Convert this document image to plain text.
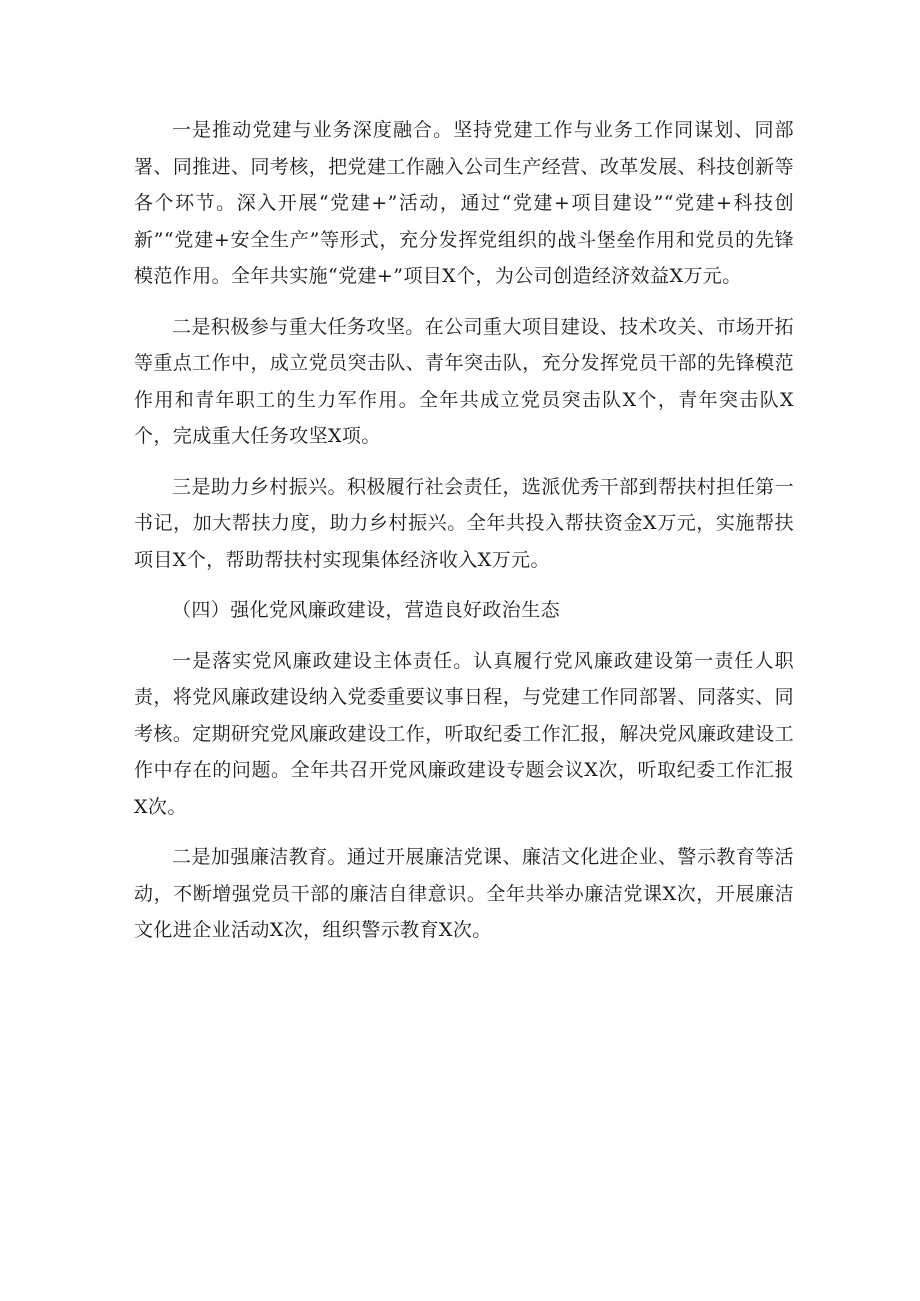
一是推动党建与业务深度融合。坚持党建工作与业务工作同谋划、同部署、同推进、同考核，把党建工作融入公司生产经营、改革发展、科技创新等各个环节。深入开展“党建+”活动，通过“党建+项目建设”“党建+科技创新”“党建+安全生产”等形式，充分发挥党组织的战斗堡垒作用和党员的先锋模范作用。全年共实施“党建+”项目X个，为公司创造经济效益X万元。

二是积极参与重大任务攻坚。在公司重大项目建设、技术攻关、市场开拓等重点工作中，成立党员突击队、青年突击队，充分发挥党员干部的先锋模范作用和青年职工的生力军作用。全年共成立党员突击队X个，青年突击队X个，完成重大任务攻坚X项。

三是助力乡村振兴。积极履行社会责任，选派优秀干部到帮扶村担任第一书记，加大帮扶力度，助力乡村振兴。全年共投入帮扶资金X万元，实施帮扶项目X个，帮助帮扶村实现集体经济收入X万元。

（四）强化党风廉政建设，营造良好政治生态

一是落实党风廉政建设主体责任。认真履行党风廉政建设第一责任人职责，将党风廉政建设纳入党委重要议事日程，与党建工作同部署、同落实、同考核。定期研究党风廉政建设工作，听取纪委工作汇报，解决党风廉政建设工作中存在的问题。全年共召开党风廉政建设专题会议X次，听取纪委工作汇报X次。

二是加强廉洁教育。通过开展廉洁党课、廉洁文化进企业、警示教育等活动，不断增强党员干部的廉洁自律意识。全年共举办廉洁党课X次，开展廉洁文化进企业活动X次，组织警示教育X次。
